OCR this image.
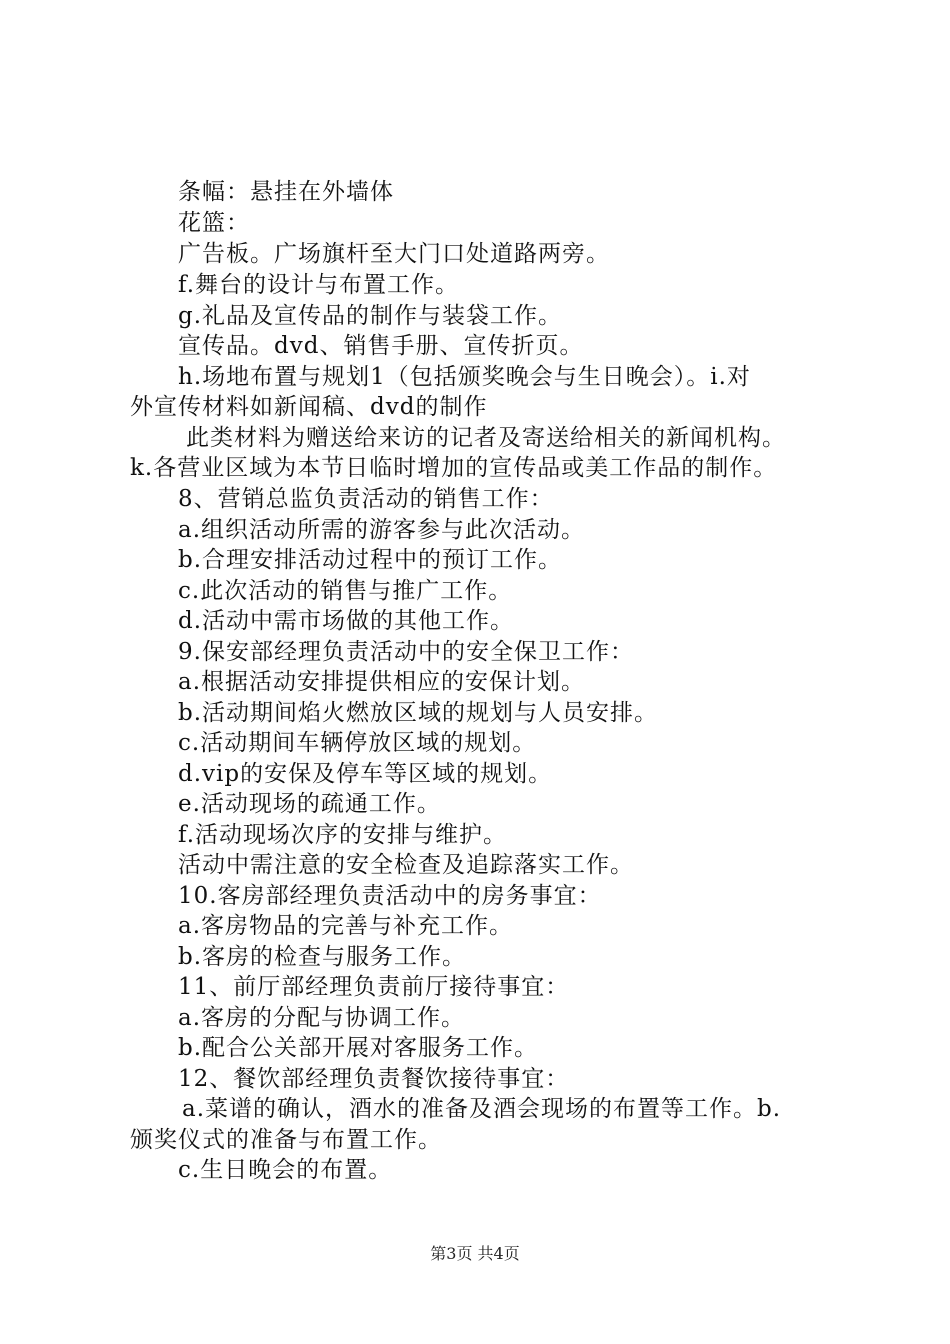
条幅：悬挂在外墙体
花篮：
广告板。广场旗杆至大门口处道路两旁。
f.舞台的设计与布置工作。
g.礼品及宣传品的制作与装袋工作。
宣传品。dvd、销售手册、宣传折页。
h.场地布置与规划1（包括颁奖晚会与生日晚会）。i.对
外宣传材料如新闻稿、dvd的制作
此类材料为赠送给来访的记者及寄送给相关的新闻机构。
k.各营业区域为本节日临时增加的宣传品或美工作品的制作。
8、营销总监负责活动的销售工作：
a.组织活动所需的游客参与此次活动。
b.合理安排活动过程中的预订工作。
c.此次活动的销售与推广工作。
d.活动中需市场做的其他工作。
9.保安部经理负责活动中的安全保卫工作：
a.根据活动安排提供相应的安保计划。
b.活动期间焰火燃放区域的规划与人员安排。
c.活动期间车辆停放区域的规划。
d.vip的安保及停车等区域的规划。
e.活动现场的疏通工作。
f.活动现场次序的安排与维护。
活动中需注意的安全检查及追踪落实工作。
10.客房部经理负责活动中的房务事宜：
a.客房物品的完善与补充工作。
b.客房的检查与服务工作。
11、前厅部经理负责前厅接待事宜：
a.客房的分配与协调工作。
b.配合公关部开展对客服务工作。
12、餐饮部经理负责餐饮接待事宜：
a.菜谱的确认，酒水的准备及酒会现场的布置等工作。b.
颁奖仪式的准备与布置工作。
c.生日晚会的布置。
第3页 共4页
